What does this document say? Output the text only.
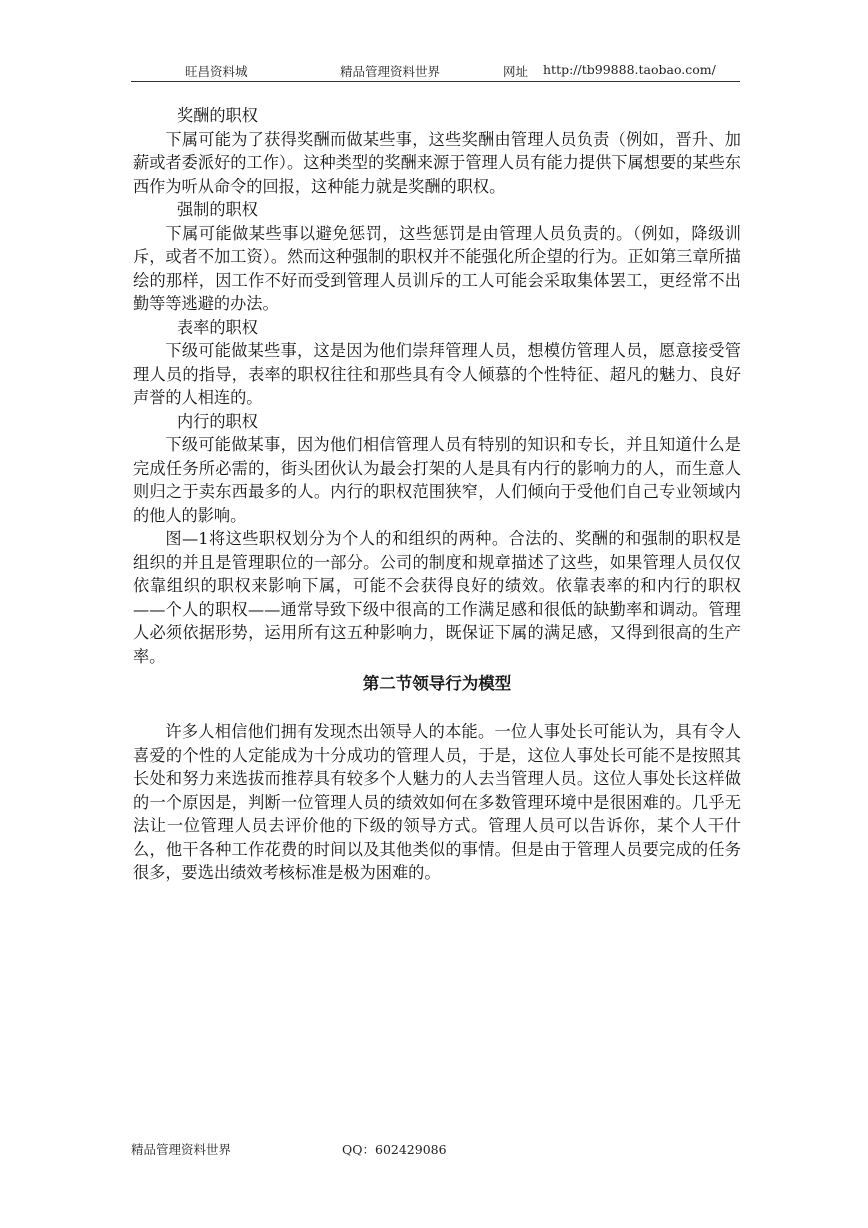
旺昌资料城	精品管理资料世界	网址 http://tb99888.taobao.com/

奖酬的职权

下属可能为了获得奖酬而做某些事，这些奖酬由管理人员负责（例如，晋升、加薪或者委派好的工作）。这种类型的奖酬来源于管理人员有能力提供下属想要的某些东西作为听从命令的回报，这种能力就是奖酬的职权。

强制的职权

下属可能做某些事以避免惩罚，这些惩罚是由管理人员负责的。（例如，降级训斥，或者不加工资）。然而这种强制的职权并不能强化所企望的行为。正如第三章所描绘的那样，因工作不好而受到管理人员训斥的工人可能会采取集体罢工，更经常不出勤等等逃避的办法。

表率的职权

下级可能做某些事，这是因为他们崇拜管理人员，想模仿管理人员，愿意接受管理人员的指导，表率的职权往往和那些具有令人倾慕的个性特征、超凡的魅力、良好声誉的人相连的。

内行的职权

下级可能做某事，因为他们相信管理人员有特别的知识和专长，并且知道什么是完成任务所必需的，街头团伙认为最会打架的人是具有内行的影响力的人，而生意人则归之于卖东西最多的人。内行的职权范围狭窄，人们倾向于受他们自己专业领域内的他人的影响。

图—1将这些职权划分为个人的和组织的两种。合法的、奖酬的和强制的职权是组织的并且是管理职位的一部分。公司的制度和规章描述了这些，如果管理人员仅仅依靠组织的职权来影响下属，可能不会获得良好的绩效。依靠表率的和内行的职权——个人的职权——通常导致下级中很高的工作满足感和很低的缺勤率和调动。管理人必须依据形势，运用所有这五种影响力，既保证下属的满足感，又得到很高的生产率。

第二节领导行为模型

许多人相信他们拥有发现杰出领导人的本能。一位人事处长可能认为，具有令人喜爱的个性的人定能成为十分成功的管理人员，于是，这位人事处长可能不是按照其长处和努力来选拔而推荐具有较多个人魅力的人去当管理人员。这位人事处长这样做的一个原因是，判断一位管理人员的绩效如何在多数管理环境中是很困难的。几乎无法让一位管理人员去评价他的下级的领导方式。管理人员可以告诉你，某个人干什么，他干各种工作花费的时间以及其他类似的事情。但是由于管理人员要完成的任务很多，要选出绩效考核标准是极为困难的。

精品管理资料世界	QQ：602429086
